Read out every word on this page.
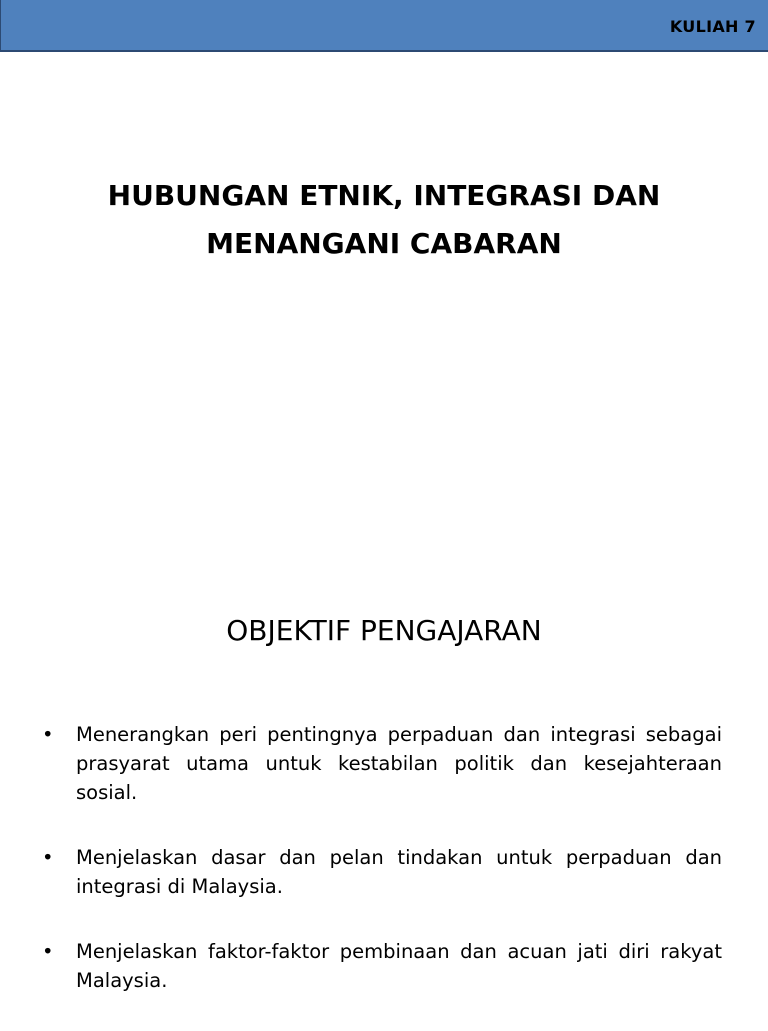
KULIAH 7
HUBUNGAN ETNIK, INTEGRASI DAN
MENANGANI CABARAN
OBJEKTIF PENGAJARAN
• Menerangkan peri pentingnya perpaduan dan integrasi sebagai prasyarat utama untuk kestabilan politik dan kesejahteraan sosial.
• Menjelaskan dasar dan pelan tindakan untuk perpaduan dan integrasi di Malaysia.
• Menjelaskan faktor-faktor pembinaan dan acuan jati diri rakyat Malaysia.
